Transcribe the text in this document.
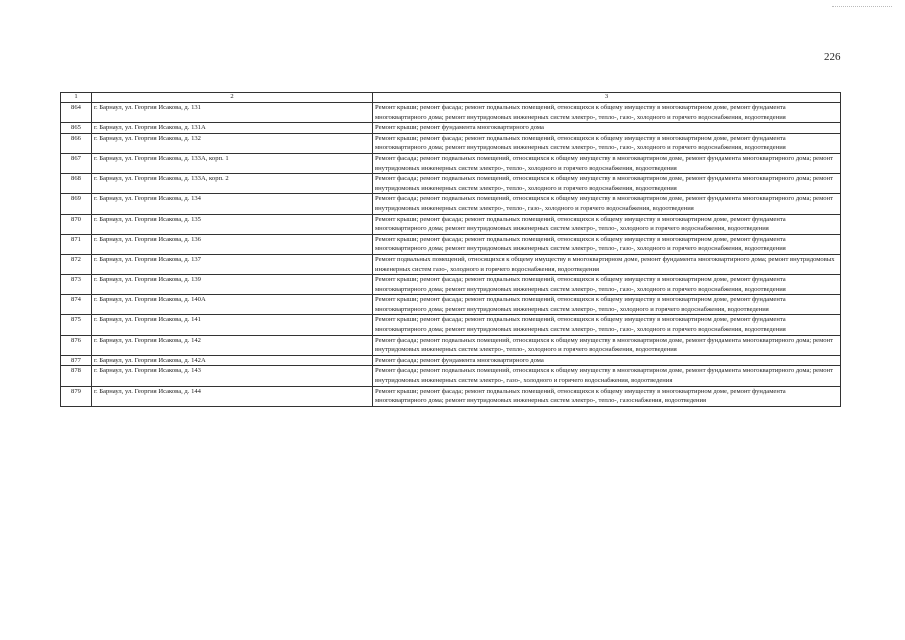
226
1	2	3
864	г. Барнаул, ул. Георгия Исакова, д. 131	Ремонт крыши; ремонт фасада; ремонт подвальных помещений, относящихся к общему имуществу в многоквартирном доме, ремонт фундамента многоквартирного дома; ремонт внутридомовых инженерных систем электро-, тепло-, газо-, холодного и горячего водоснабжения, водоотведения
865	г. Барнаул, ул. Георгия Исакова, д. 131А	Ремонт крыши; ремонт фундамента многоквартирного дома
866	г. Барнаул, ул. Георгия Исакова, д. 132	Ремонт крыши; ремонт фасада; ремонт подвальных помещений, относящихся к общему имуществу в многоквартирном доме, ремонт фундамента многоквартирного дома; ремонт внутридомовых инженерных систем электро-, тепло-, газо-, холодного и горячего водоснабжения, водоотведения
867	г. Барнаул, ул. Георгия Исакова, д. 133А, корп. 1	Ремонт фасада; ремонт подвальных помещений, относящихся к общему имуществу в многоквартирном доме, ремонт фундамента многоквартирного дома; ремонт внутридомовых инженерных систем электро-, тепло-, холодного и горячего водоснабжения, водоотведения
868	г. Барнаул, ул. Георгия Исакова, д. 133А, корп. 2	Ремонт фасада; ремонт подвальных помещений, относящихся к общему имуществу в многоквартирном доме, ремонт фундамента многоквартирного дома; ремонт внутридомовых инженерных систем электро-, тепло-, холодного и горячего водоснабжения, водоотведения
869	г. Барнаул, ул. Георгия Исакова, д. 134	Ремонт фасада; ремонт подвальных помещений, относящихся к общему имуществу в многоквартирном доме, ремонт фундамента многоквартирного дома; ремонт внутридомовых инженерных систем электро-, тепло-, газо-, холодного и горячего водоснабжения, водоотведения
870	г. Барнаул, ул. Георгия Исакова, д. 135	Ремонт крыши; ремонт фасада; ремонт подвальных помещений, относящихся к общему имуществу в многоквартирном доме, ремонт фундамента многоквартирного дома; ремонт внутридомовых инженерных систем электро-, тепло-, холодного и горячего водоснабжения, водоотведения
871	г. Барнаул, ул. Георгия Исакова, д. 136	Ремонт крыши; ремонт фасада; ремонт подвальных помещений, относящихся к общему имуществу в многоквартирном доме, ремонт фундамента многоквартирного дома; ремонт внутридомовых инженерных систем электро-, тепло-, газо-, холодного и горячего водоснабжения, водоотведения
872	г. Барнаул, ул. Георгия Исакова, д. 137	Ремонт подвальных помещений, относящихся к общему имуществу в многоквартирном доме, ремонт фундамента многоквартирного дома; ремонт внутридомовых инженерных систем газо-, холодного и горячего водоснабжения, водоотведения
873	г. Барнаул, ул. Георгия Исакова, д. 139	Ремонт крыши; ремонт фасада; ремонт подвальных помещений, относящихся к общему имуществу в многоквартирном доме, ремонт фундамента многоквартирного дома; ремонт внутридомовых инженерных систем электро-, тепло-, газо-, холодного и горячего водоснабжения, водоотведения
874	г. Барнаул, ул. Георгия Исакова, д. 140А	Ремонт крыши; ремонт фасада; ремонт подвальных помещений, относящихся к общему имуществу в многоквартирном доме, ремонт фундамента многоквартирного дома; ремонт внутридомовых инженерных систем электро-, тепло-, холодного и горячего водоснабжения, водоотведения
875	г. Барнаул, ул. Георгия Исакова, д. 141	Ремонт крыши; ремонт фасада; ремонт подвальных помещений, относящихся к общему имуществу в многоквартирном доме, ремонт фундамента многоквартирного дома; ремонт внутридомовых инженерных систем электро-, тепло-, газо-, холодного и горячего водоснабжения, водоотведения
876	г. Барнаул, ул. Георгия Исакова, д. 142	Ремонт фасада; ремонт подвальных помещений, относящихся к общему имуществу в многоквартирном доме, ремонт фундамента многоквартирного дома; ремонт внутридомовых инженерных систем электро-, тепло-, холодного и горячего водоснабжения, водоотведения
877	г. Барнаул, ул. Георгия Исакова, д. 142А	Ремонт фасада; ремонт фундамента многоквартирного дома
878	г. Барнаул, ул. Георгия Исакова, д. 143	Ремонт фасада; ремонт подвальных помещений, относящихся к общему имуществу в многоквартирном доме, ремонт фундамента многоквартирного дома; ремонт внутридомовых инженерных систем электро-, газо-, холодного и горячего водоснабжения, водоотведения
879	г. Барнаул, ул. Георгия Исакова, д. 144	Ремонт крыши; ремонт фасада; ремонт подвальных помещений, относящихся к общему имуществу в многоквартирном доме, ремонт фундамента многоквартирного дома; ремонт внутридомовых инженерных систем электро-, тепло-, газоснабжения, водоотведения
